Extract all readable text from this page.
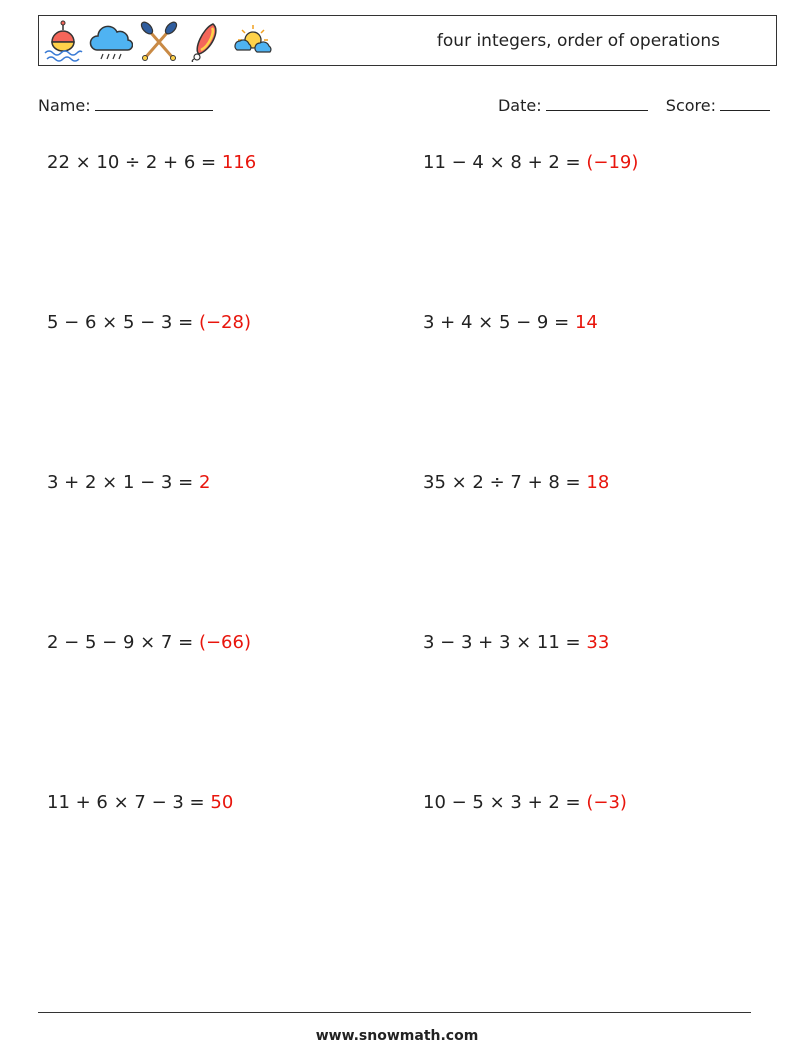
four integers, order of operations
Name:	Date:	Score:
22 × 10 ÷ 2 + 6 = 116
5 − 6 × 5 − 3 = (−28)
3 + 2 × 1 − 3 = 2
2 − 5 − 9 × 7 = (−66)
11 + 6 × 7 − 3 = 50
11 − 4 × 8 + 2 = (−19)
3 + 4 × 5 − 9 = 14
35 × 2 ÷ 7 + 8 = 18
3 − 3 + 3 × 11 = 33
10 − 5 × 3 + 2 = (−3)
www.snowmath.com
